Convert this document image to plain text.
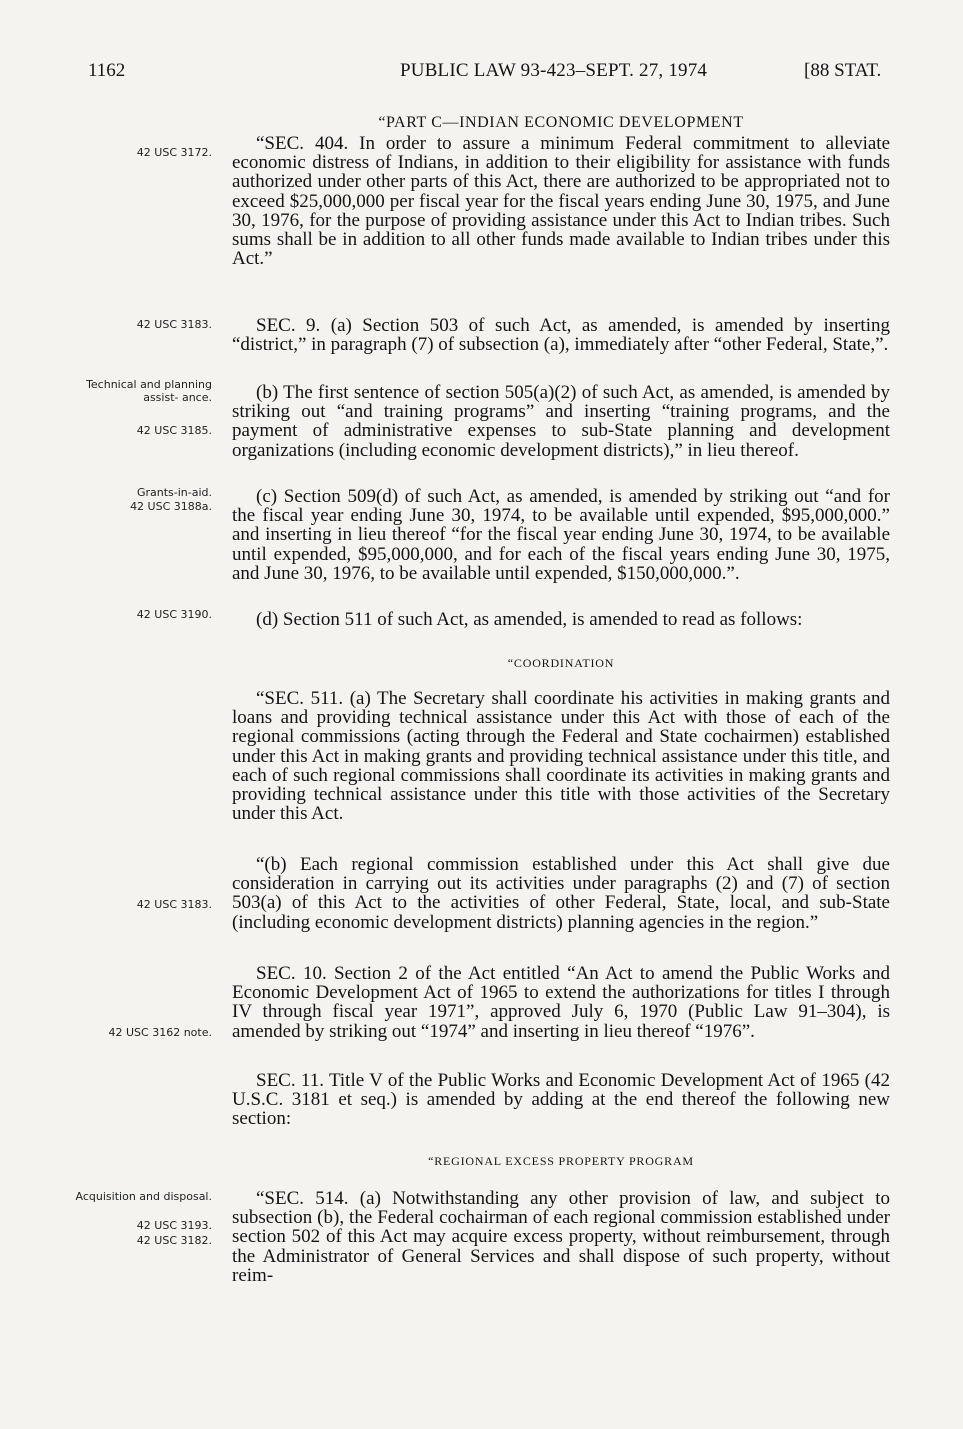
1162	PUBLIC LAW 93-423–SEPT. 27, 1974	[88 STAT.
“PART C—INDIAN ECONOMIC DEVELOPMENT
42 USC 3172.
42 USC 3183.
Technical and planning assist- ance.
42 USC 3185.
Grants-in-aid.
42 USC 3188a.
42 USC 3190.
42 USC 3183.
42 USC 3162 note.
Acquisition and disposal.
42 USC 3193.
42 USC 3182.

“SEC. 404. In order to assure a minimum Federal commitment to alleviate economic distress of Indians, in addition to their eligibility for assistance with funds authorized under other parts of this Act, there are authorized to be appropriated not to exceed $25,000,000 per fiscal year for the fiscal years ending June 30, 1975, and June 30, 1976, for the purpose of providing assistance under this Act to Indian tribes. Such sums shall be in addition to all other funds made available to Indian tribes under this Act.”

SEC. 9. (a) Section 503 of such Act, as amended, is amended by inserting “district,” in paragraph (7) of subsection (a), immediately after “other Federal, State,”.

(b) The first sentence of section 505(a)(2) of such Act, as amended, is amended by striking out “and training programs” and inserting “training programs, and the payment of administrative expenses to sub-State planning and development organizations (including economic development districts),” in lieu thereof.

(c) Section 509(d) of such Act, as amended, is amended by striking out “and for the fiscal year ending June 30, 1974, to be available until expended, $95,000,000.” and inserting in lieu thereof “for the fiscal year ending June 30, 1974, to be available until expended, $95,000,000, and for each of the fiscal years ending June 30, 1975, and June 30, 1976, to be available until expended, $150,000,000.”.

(d) Section 511 of such Act, as amended, is amended to read as follows:

“COORDINATION

“SEC. 511. (a) The Secretary shall coordinate his activities in making grants and loans and providing technical assistance under this Act with those of each of the regional commissions (acting through the Federal and State cochairmen) established under this Act in making grants and providing technical assistance under this title, and each of such regional commissions shall coordinate its activities in making grants and providing technical assistance under this title with those activities of the Secretary under this Act.

“(b) Each regional commission established under this Act shall give due consideration in carrying out its activities under paragraphs (2) and (7) of section 503(a) of this Act to the activities of other Federal, State, local, and sub-State (including economic development districts) planning agencies in the region.”

SEC. 10. Section 2 of the Act entitled “An Act to amend the Public Works and Economic Development Act of 1965 to extend the authorizations for titles I through IV through fiscal year 1971”, approved July 6, 1970 (Public Law 91–304), is amended by striking out “1974” and inserting in lieu thereof “1976”.

SEC. 11. Title V of the Public Works and Economic Development Act of 1965 (42 U.S.C. 3181 et seq.) is amended by adding at the end thereof the following new section:

“REGIONAL EXCESS PROPERTY PROGRAM

“SEC. 514. (a) Notwithstanding any other provision of law, and subject to subsection (b), the Federal cochairman of each regional commission established under section 502 of this Act may acquire excess property, without reimbursement, through the Administrator of General Services and shall dispose of such property, without reim-
